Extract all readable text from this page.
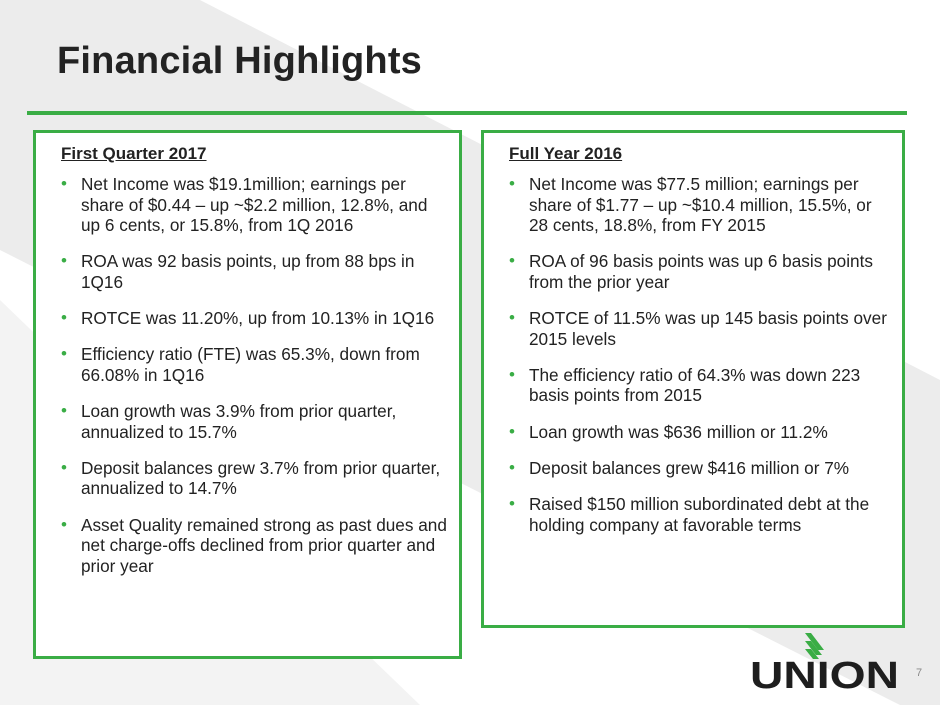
Financial Highlights
First Quarter 2017
• Net Income was $19.1million; earnings per share of $0.44 – up ~$2.2 million, 12.8%, and up 6 cents, or 15.8%, from 1Q 2016
• ROA was 92 basis points, up from 88 bps in 1Q16
• ROTCE was 11.20%, up from 10.13% in 1Q16
• Efficiency ratio (FTE) was 65.3%, down from 66.08% in 1Q16
• Loan growth was 3.9% from prior quarter, annualized to 15.7%
• Deposit balances grew 3.7% from prior quarter, annualized to 14.7%
• Asset Quality remained strong as past dues and net charge-offs declined from prior quarter and prior year
Full Year 2016
• Net Income was $77.5 million; earnings per share of $1.77 – up ~$10.4 million, 15.5%, or 28 cents, 18.8%, from FY 2015
• ROA of 96 basis points was up 6 basis points from the prior year
• ROTCE of 11.5% was up 145 basis points over 2015 levels
• The efficiency ratio of 64.3% was down 223 basis points from 2015
• Loan growth was $636 million or 11.2%
• Deposit balances grew $416 million or 7%
• Raised $150 million subordinated debt at the holding company at favorable terms
UNION 7
